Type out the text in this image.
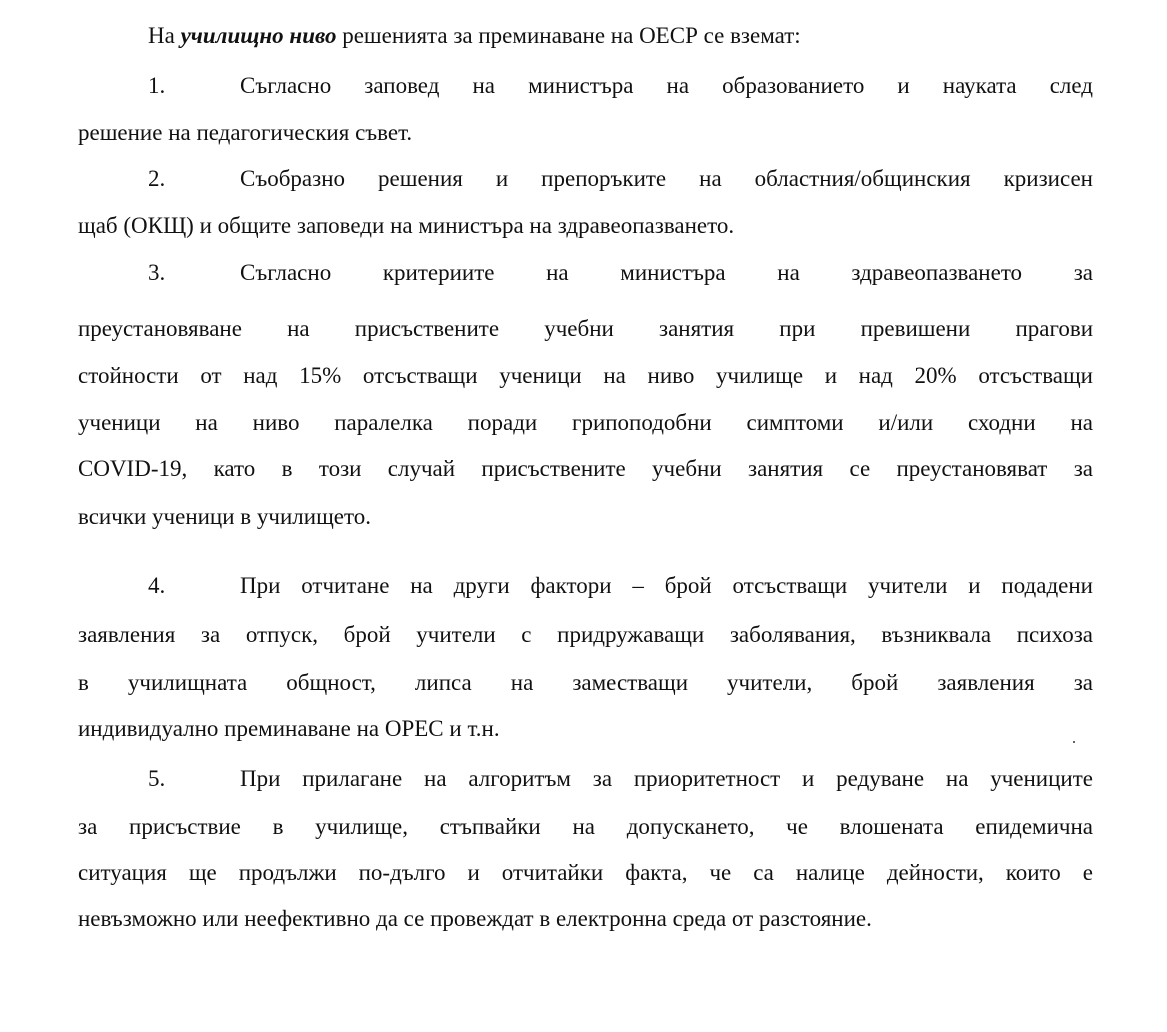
На училищно ниво решенията за преминаване на ОЕСР се вземат:
1.	Съгласно заповед на министъра на образованието и науката след
решение на педагогическия съвет.
2.	Съобразно решения и препоръките на областния/общинския кризисен
щаб (ОКЩ) и общите заповеди на министъра на здравеопазването.
3.	Съгласно критериите на министъра на здравеопазването за
преустановяване на присъствените учебни занятия при превишени прагови
стойности от над 15% отсъстващи ученици на ниво училище и над 20% отсъстващи
ученици на ниво паралелка поради грипоподобни симптоми и/или сходни на
COVID-19, като в този случай присъствените учебни занятия се преустановяват за
всички ученици в училището.
4.	При отчитане на други фактори – брой отсъстващи учители и подадени
заявления за отпуск, брой учители с придружаващи заболявания, възниквала психоза
в училищната общност, липса на заместващи учители, брой заявления за
индивидуално преминаване на ОРЕС и т.н.
5.	При прилагане на алгоритъм за приоритетност и редуване на учениците
за присъствие в училище, стъпвайки на допускането, че влошената епидемична
ситуация ще продължи по-дълго и отчитайки факта, че са налице дейности, които е
невъзможно или неефективно да се провеждат в електронна среда от разстояние.
